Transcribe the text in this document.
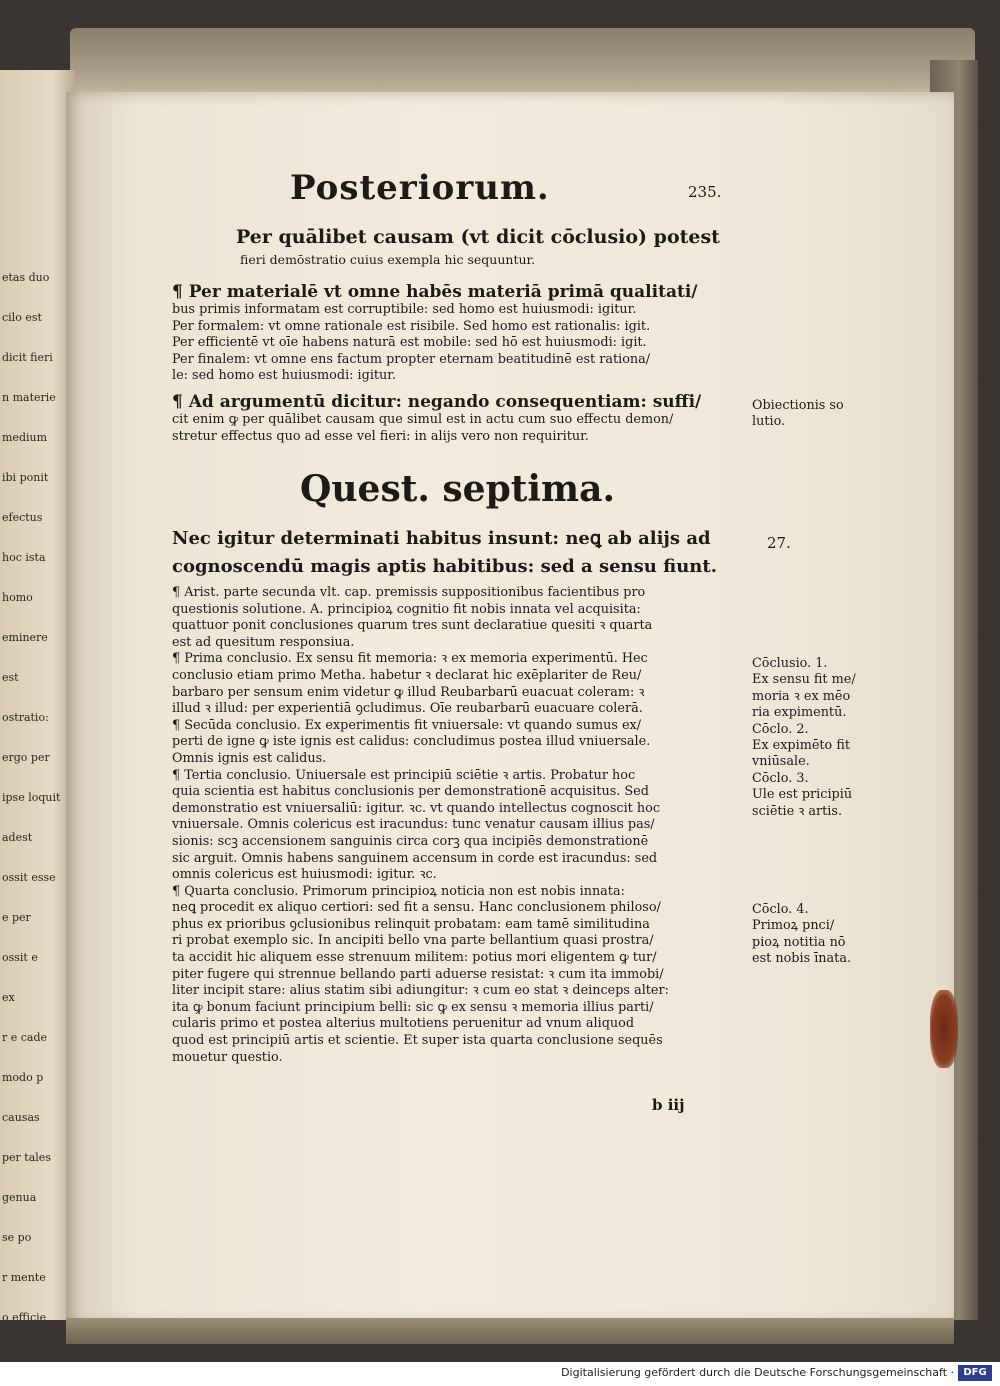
etas duo
cilo est
dicit fieri
n materie
medium
ibi ponit
efectus
hoc ista
homo
eminere
est
ostratio:
ergo per
ipse loquit
adest
ossit esse
e per
ossit e
ex
r e cade
modo p
causas
per tales
genua
se po
r mente
o efficie
Posteriorum.	235.
Per quālibet causam (vt dicit cōclusio) potest
fieri demōstratio cuius exempla hic sequuntur.
¶ Per materialē vt omne habēs materiā primā qualitati/
bus primis informatam est corruptibile: sed homo est huiusmodi: igitur.
Per formalem: vt omne rationale est risibile. Sed homo est rationalis: igit.
Per efficientē vt oīe habens naturā est mobile: sed hō est huiusmodi: igit.
Per finalem: vt omne ens factum propter eternam beatitudinē est rationa/
le: sed homo est huiusmodi: igitur.
¶ Ad argumentū dicitur: negando consequentiam: suffi/
cit enim ꝙ per quālibet causam que simul est in actu cum suo effectu demon/
stretur effectus quo ad esse vel fieri: in alijs vero non requiritur.
Obiectionis so
lutio.
Quest. septima.
Nec igitur determinati habitus insunt: neꝗ ab alijs ad
cognoscendū magis aptis habitibus: sed a sensu fiunt.
27.
¶ Arist. parte secunda vlt. cap. premissis suppositionibus facientibus pro
questionis solutione. A. principioꝝ cognitio fit nobis innata vel acquisita:
quattuor ponit conclusiones quarum tres sunt declaratiue quesiti ꝛ quarta
est ad quesitum responsiua.
¶ Prima conclusio. Ex sensu fit memoria: ꝛ ex memoria experimentū. Hec
conclusio etiam primo Metha. habetur ꝛ declarat hic exēplariter de Reu/
barbaro per sensum enim videtur ꝙ illud Reubarbarū euacuat coleram: ꝛ
illud ꝛ illud: per experientiā ꝯcludimus. Oīe reubarbarū euacuare colerā.
¶ Secūda conclusio. Ex experimentis fit vniuersale: vt quando sumus ex/
perti de igne ꝙ iste ignis est calidus: concludimus postea illud vniuersale.
Omnis ignis est calidus.
¶ Tertia conclusio. Uniuersale est principiū sciētie ꝛ artis. Probatur hoc
quia scientia est habitus conclusionis per demonstrationē acquisitus. Sed
demonstratio est vniuersaliū: igitur. ꝛc. vt quando intellectus cognoscit hoc
vniuersale. Omnis colericus est iracundus: tunc venatur causam illius pas/
sionis: scꝫ accensionem sanguinis circa corꝫ qua incipiēs demonstrationē
sic arguit. Omnis habens sanguinem accensum in corde est iracundus: sed
omnis colericus est huiusmodi: igitur. ꝛc.
¶ Quarta conclusio. Primorum principioꝝ noticia non est nobis innata:
neꝗ procedit ex aliquo certiori: sed fit a sensu. Hanc conclusionem philoso/
phus ex prioribus ꝯclusionibus relinquit probatam: eam tamē similitudina
ri probat exemplo sic. In ancipiti bello vna parte bellantium quasi prostra/
ta accidit hic aliquem esse strenuum militem: potius mori eligentem ꝙ tur/
piter fugere qui strennue bellando parti aduerse resistat: ꝛ cum ita immobi/
liter incipit stare: alius statim sibi adiungitur: ꝛ cum eo stat ꝛ deinceps alter:
ita ꝙ bonum faciunt principium belli: sic ꝙ ex sensu ꝛ memoria illius parti/
cularis primo et postea alterius multotiens peruenitur ad vnum aliquod
quod est principiū artis et scientie. Et super ista quarta conclusione sequēs
mouetur questio.
Cōclusio. 1.
Ex sensu fit me/
moria ꝛ ex mēo
ria expimentū.
Cōclo. 2.
Ex expimēto fit
vniūsale.
Cōclo. 3.
Ule est pricipiū
sciētie ꝛ artis.
Cōclo. 4.
Primoꝝ pnci/
pioꝝ notitia nō
est nobis īnata.
b iij
Digitalisierung gefördert durch die Deutsche Forschungsgemeinschaft · DFG
